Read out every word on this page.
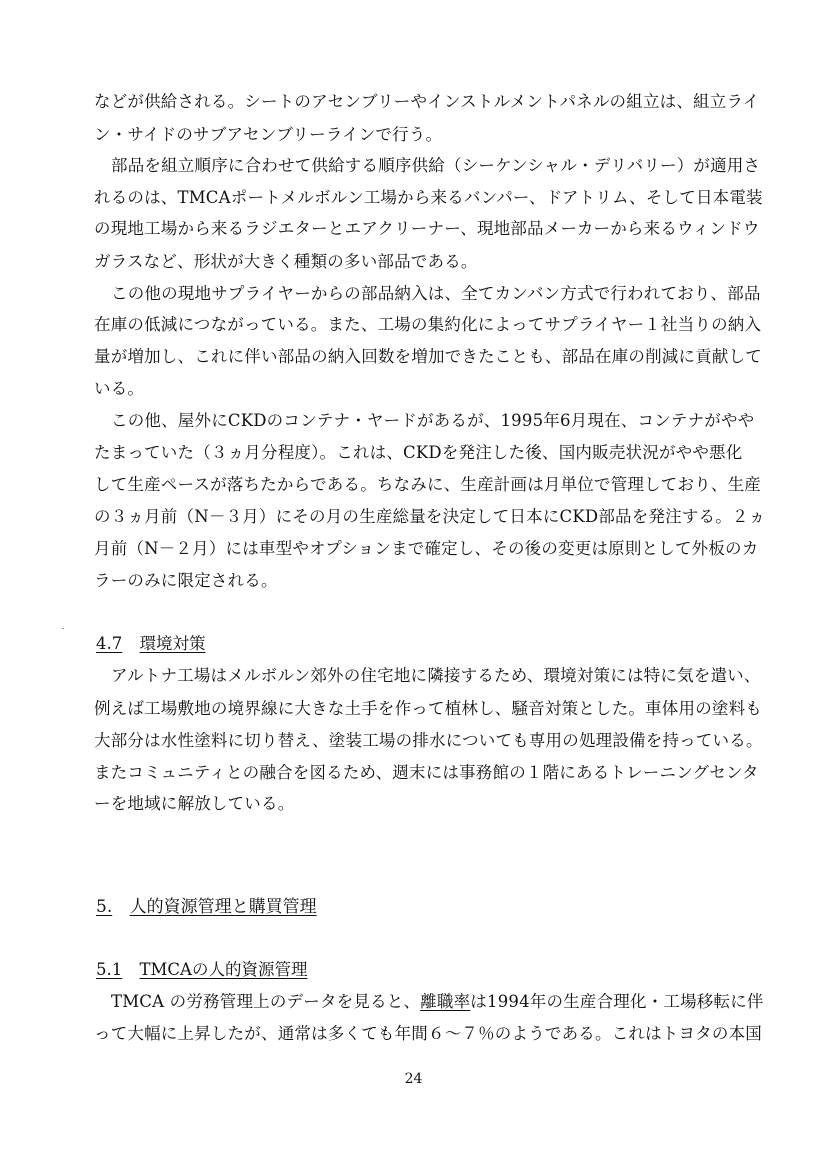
などが供給される。シートのアセンブリーやインストルメントパネルの組立は、組立ライ
ン・サイドのサブアセンブリーラインで行う。
部品を組立順序に合わせて供給する順序供給（シーケンシャル・デリバリー）が適用さ
れるのは、TMCAポートメルボルン工場から来るバンパー、ドアトリム、そして日本電装
の現地工場から来るラジエターとエアクリーナー、現地部品メーカーから来るウィンドウ
ガラスなど、形状が大きく種類の多い部品である。
この他の現地サプライヤーからの部品納入は、全てカンバン方式で行われており、部品
在庫の低減につながっている。また、工場の集約化によってサプライヤー１社当りの納入
量が増加し、これに伴い部品の納入回数を増加できたことも、部品在庫の削減に貢献して
いる。
この他、屋外にCKDのコンテナ・ヤードがあるが、1995年6月現在、コンテナがやや
たまっていた（３ヵ月分程度）。これは、CKDを発注した後、国内販売状況がやや悪化
して生産ペースが落ちたからである。ちなみに、生産計画は月単位で管理しており、生産
の３ヵ月前（N－３月）にその月の生産総量を決定して日本にCKD部品を発注する。２ヵ
月前（N－２月）には車型やオプションまで確定し、その後の変更は原則として外板のカ
ラーのみに限定される。
4.7 環境対策
アルトナ工場はメルボルン郊外の住宅地に隣接するため、環境対策には特に気を遣い、
例えば工場敷地の境界線に大きな土手を作って植林し、騒音対策とした。車体用の塗料も
大部分は水性塗料に切り替え、塗装工場の排水についても専用の処理設備を持っている。
またコミュニティとの融合を図るため、週末には事務館の１階にあるトレーニングセンタ
ーを地域に解放している。
5. 人的資源管理と購買管理
5.1 TMCAの人的資源管理
TMCA の労務管理上のデータを見ると、離職率は1994年の生産合理化・工場移転に伴
って大幅に上昇したが、通常は多くても年間６～７％のようである。これはトヨタの本国
24
